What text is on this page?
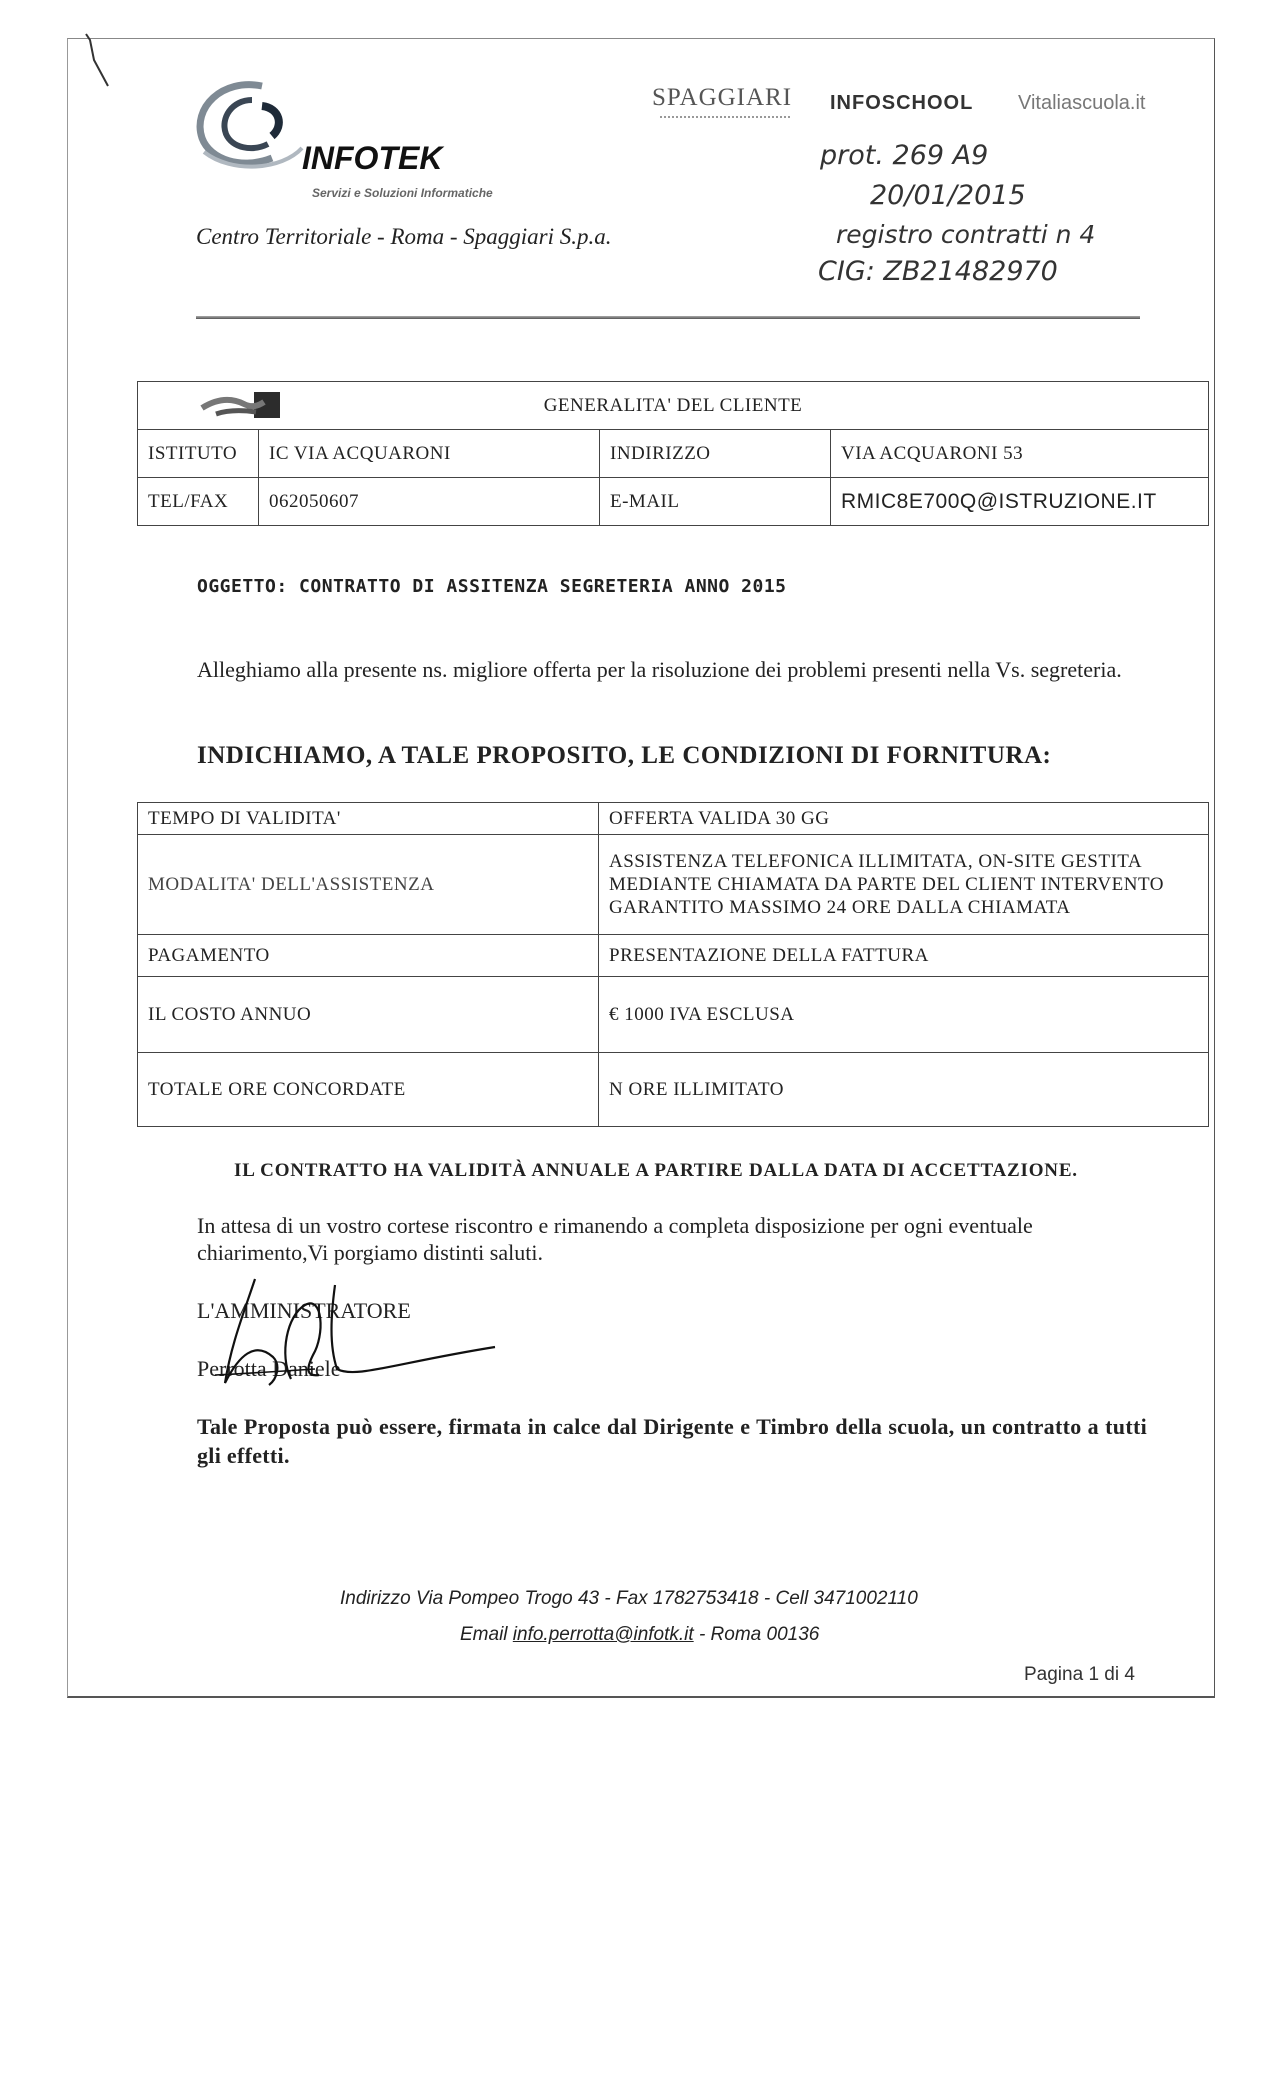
INFOTEK
Servizi e Soluzioni Informatiche
Centro Territoriale - Roma - Spaggiari S.p.a.
SPAGGIARI INFOSCHOOL Vitaliascuola.it
prot. 269 A9
20/01/2015
registro contratti n 4
CIG: ZB21482970
GENERALITA' DEL CLIENTE			
ISTITUTO	IC VIA ACQUARONI	INDIRIZZO	VIA ACQUARONI 53
TEL/FAX	062050607	E-MAIL	RMIC8E700Q@ISTRUZIONE.IT
OGGETTO: CONTRATTO DI ASSITENZA SEGRETERIA ANNO 2015
Alleghiamo alla presente ns. migliore offerta per la risoluzione dei problemi presenti nella Vs. segreteria.
INDICHIAMO, A TALE PROPOSITO, LE CONDIZIONI DI FORNITURA:
TEMPO DI VALIDITA'	OFFERTA VALIDA 30 GG
MODALITA' DELL'ASSISTENZA	ASSISTENZA TELEFONICA ILLIMITATA, ON-SITE GESTITA MEDIANTE CHIAMATA DA PARTE DEL CLIENT INTERVENTO GARANTITO MASSIMO 24 ORE DALLA CHIAMATA
PAGAMENTO	PRESENTAZIONE DELLA FATTURA
IL COSTO ANNUO	€ 1000 IVA ESCLUSA
TOTALE ORE CONCORDATE	N ORE ILLIMITATO
IL CONTRATTO HA VALIDITÀ ANNUALE A PARTIRE DALLA DATA DI ACCETTAZIONE.
In attesa di un vostro cortese riscontro e rimanendo a completa disposizione per ogni eventuale chiarimento,Vi porgiamo distinti saluti.
L'AMMINISTRATORE
Perrotta Daniele
Tale Proposta può essere, firmata in calce dal Dirigente e Timbro della scuola, un contratto a tutti gli effetti.
Indirizzo Via Pompeo Trogo 43 - Fax 1782753418 - Cell 3471002110
Email info.perrotta@infotk.it - Roma 00136
Pagina 1 di 4
